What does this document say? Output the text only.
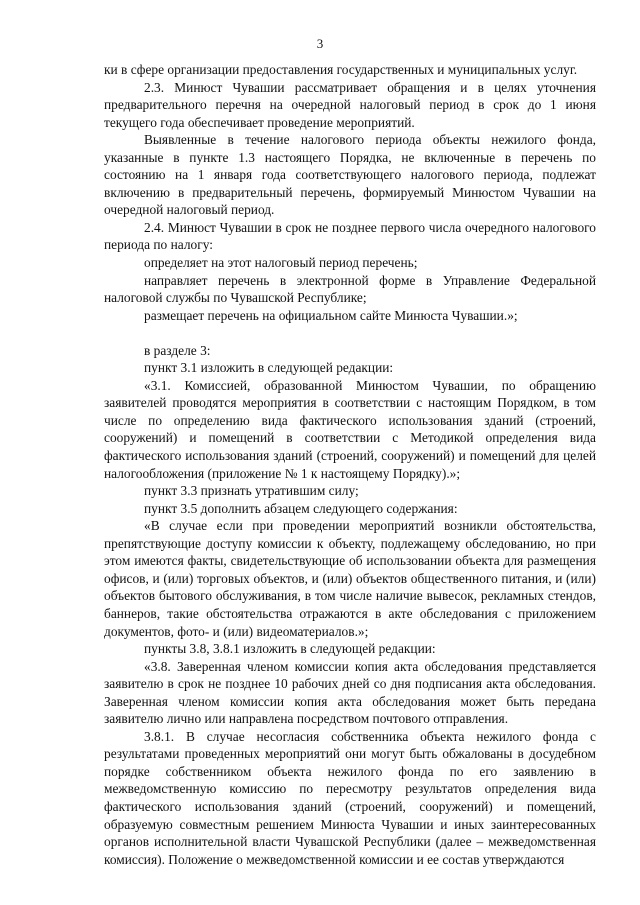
3

ки в сфере организации предоставления государственных и муниципальных услуг.

2.3. Минюст Чувашии рассматривает обращения и в целях уточнения предварительного перечня на очередной налоговый период в срок до 1 июня текущего года обеспечивает проведение мероприятий.

Выявленные в течение налогового периода объекты нежилого фонда, указанные в пункте 1.3 настоящего Порядка, не включенные в перечень по состоянию на 1 января года соответствующего налогового периода, подлежат включению в предварительный перечень, формируемый Минюстом Чувашии на очередной налоговый период.

2.4. Минюст Чувашии в срок не позднее первого числа очередного налогового периода по налогу:

определяет на этот налоговый период перечень;

направляет перечень в электронной форме в Управление Федеральной налоговой службы по Чувашской Республике;

размещает перечень на официальном сайте Минюста Чувашии.»;

в разделе 3:

пункт 3.1 изложить в следующей редакции:

«3.1. Комиссией, образованной Минюстом Чувашии, по обращению заявителей проводятся мероприятия в соответствии с настоящим Порядком, в том числе по определению вида фактического использования зданий (строений, сооружений) и помещений в соответствии с Методикой определения вида фактического использования зданий (строений, сооружений) и помещений для целей налогообложения (приложение № 1 к настоящему Порядку).»;

пункт 3.3 признать утратившим силу;

пункт 3.5 дополнить абзацем следующего содержания:

«В случае если при проведении мероприятий возникли обстоятельства, препятствующие доступу комиссии к объекту, подлежащему обследованию, но при этом имеются факты, свидетельствующие об использовании объекта для размещения офисов, и (или) торговых объектов, и (или) объектов общественного питания, и (или) объектов бытового обслуживания, в том числе наличие вывесок, рекламных стендов, баннеров, такие обстоятельства отражаются в акте обследования с приложением документов, фото- и (или) видеоматериалов.»;

пункты 3.8, 3.8.1 изложить в следующей редакции:

«3.8. Заверенная членом комиссии копия акта обследования представляется заявителю в срок не позднее 10 рабочих дней со дня подписания акта обследования. Заверенная членом комиссии копия акта обследования может быть передана заявителю лично или направлена посредством почтового отправления.

3.8.1. В случае несогласия собственника объекта нежилого фонда с результатами проведенных мероприятий они могут быть обжалованы в досудебном порядке собственником объекта нежилого фонда по его заявлению в межведомственную комиссию по пересмотру результатов определения вида фактического использования зданий (строений, сооружений) и помещений, образуемую совместным решением Минюста Чувашии и иных заинтересованных органов исполнительной власти Чувашской Республики (далее – межведомственная комиссия). Положение о межведомственной комиссии и ее состав утверждаются
